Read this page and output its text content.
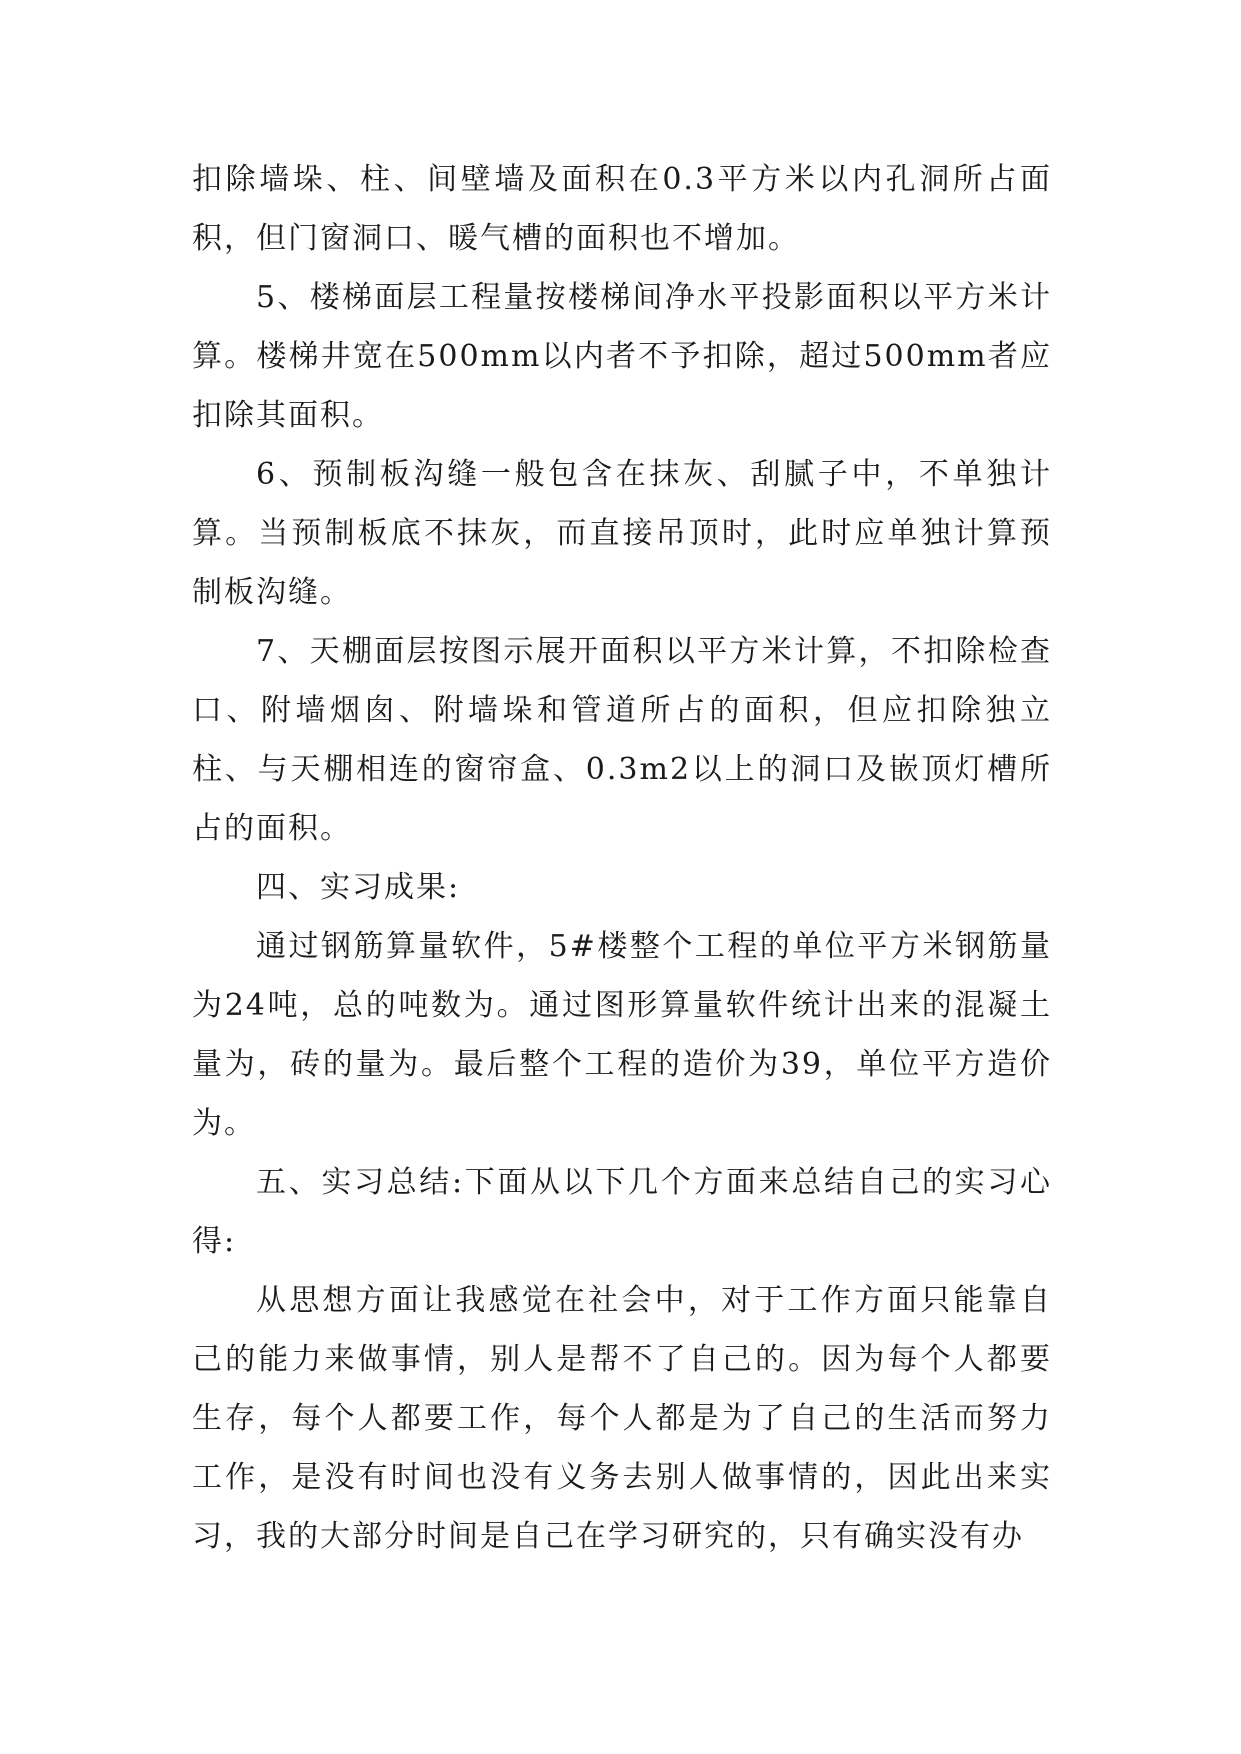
扣除墙垛、柱、间壁墙及面积在0.3平方米以内孔洞所占面积，但门窗洞口、暖气槽的面积也不增加。

5、楼梯面层工程量按楼梯间净水平投影面积以平方米计算。楼梯井宽在500mm以内者不予扣除，超过500mm者应扣除其面积。

6、预制板沟缝一般包含在抹灰、刮腻子中，不单独计算。当预制板底不抹灰，而直接吊顶时，此时应单独计算预制板沟缝。

7、天棚面层按图示展开面积以平方米计算，不扣除检查口、附墙烟囱、附墙垛和管道所占的面积，但应扣除独立柱、与天棚相连的窗帘盒、0.3m2以上的洞口及嵌顶灯槽所占的面积。

四、实习成果:

通过钢筋算量软件，5#楼整个工程的单位平方米钢筋量为24吨，总的吨数为。通过图形算量软件统计出来的混凝土量为，砖的量为。最后整个工程的造价为39，单位平方造价为。

五、实习总结:下面从以下几个方面来总结自己的实习心得:

从思想方面让我感觉在社会中，对于工作方面只能靠自己的能力来做事情，别人是帮不了自己的。因为每个人都要生存，每个人都要工作，每个人都是为了自己的生活而努力工作，是没有时间也没有义务去别人做事情的，因此出来实习，我的大部分时间是自己在学习研究的，只有确实没有办
